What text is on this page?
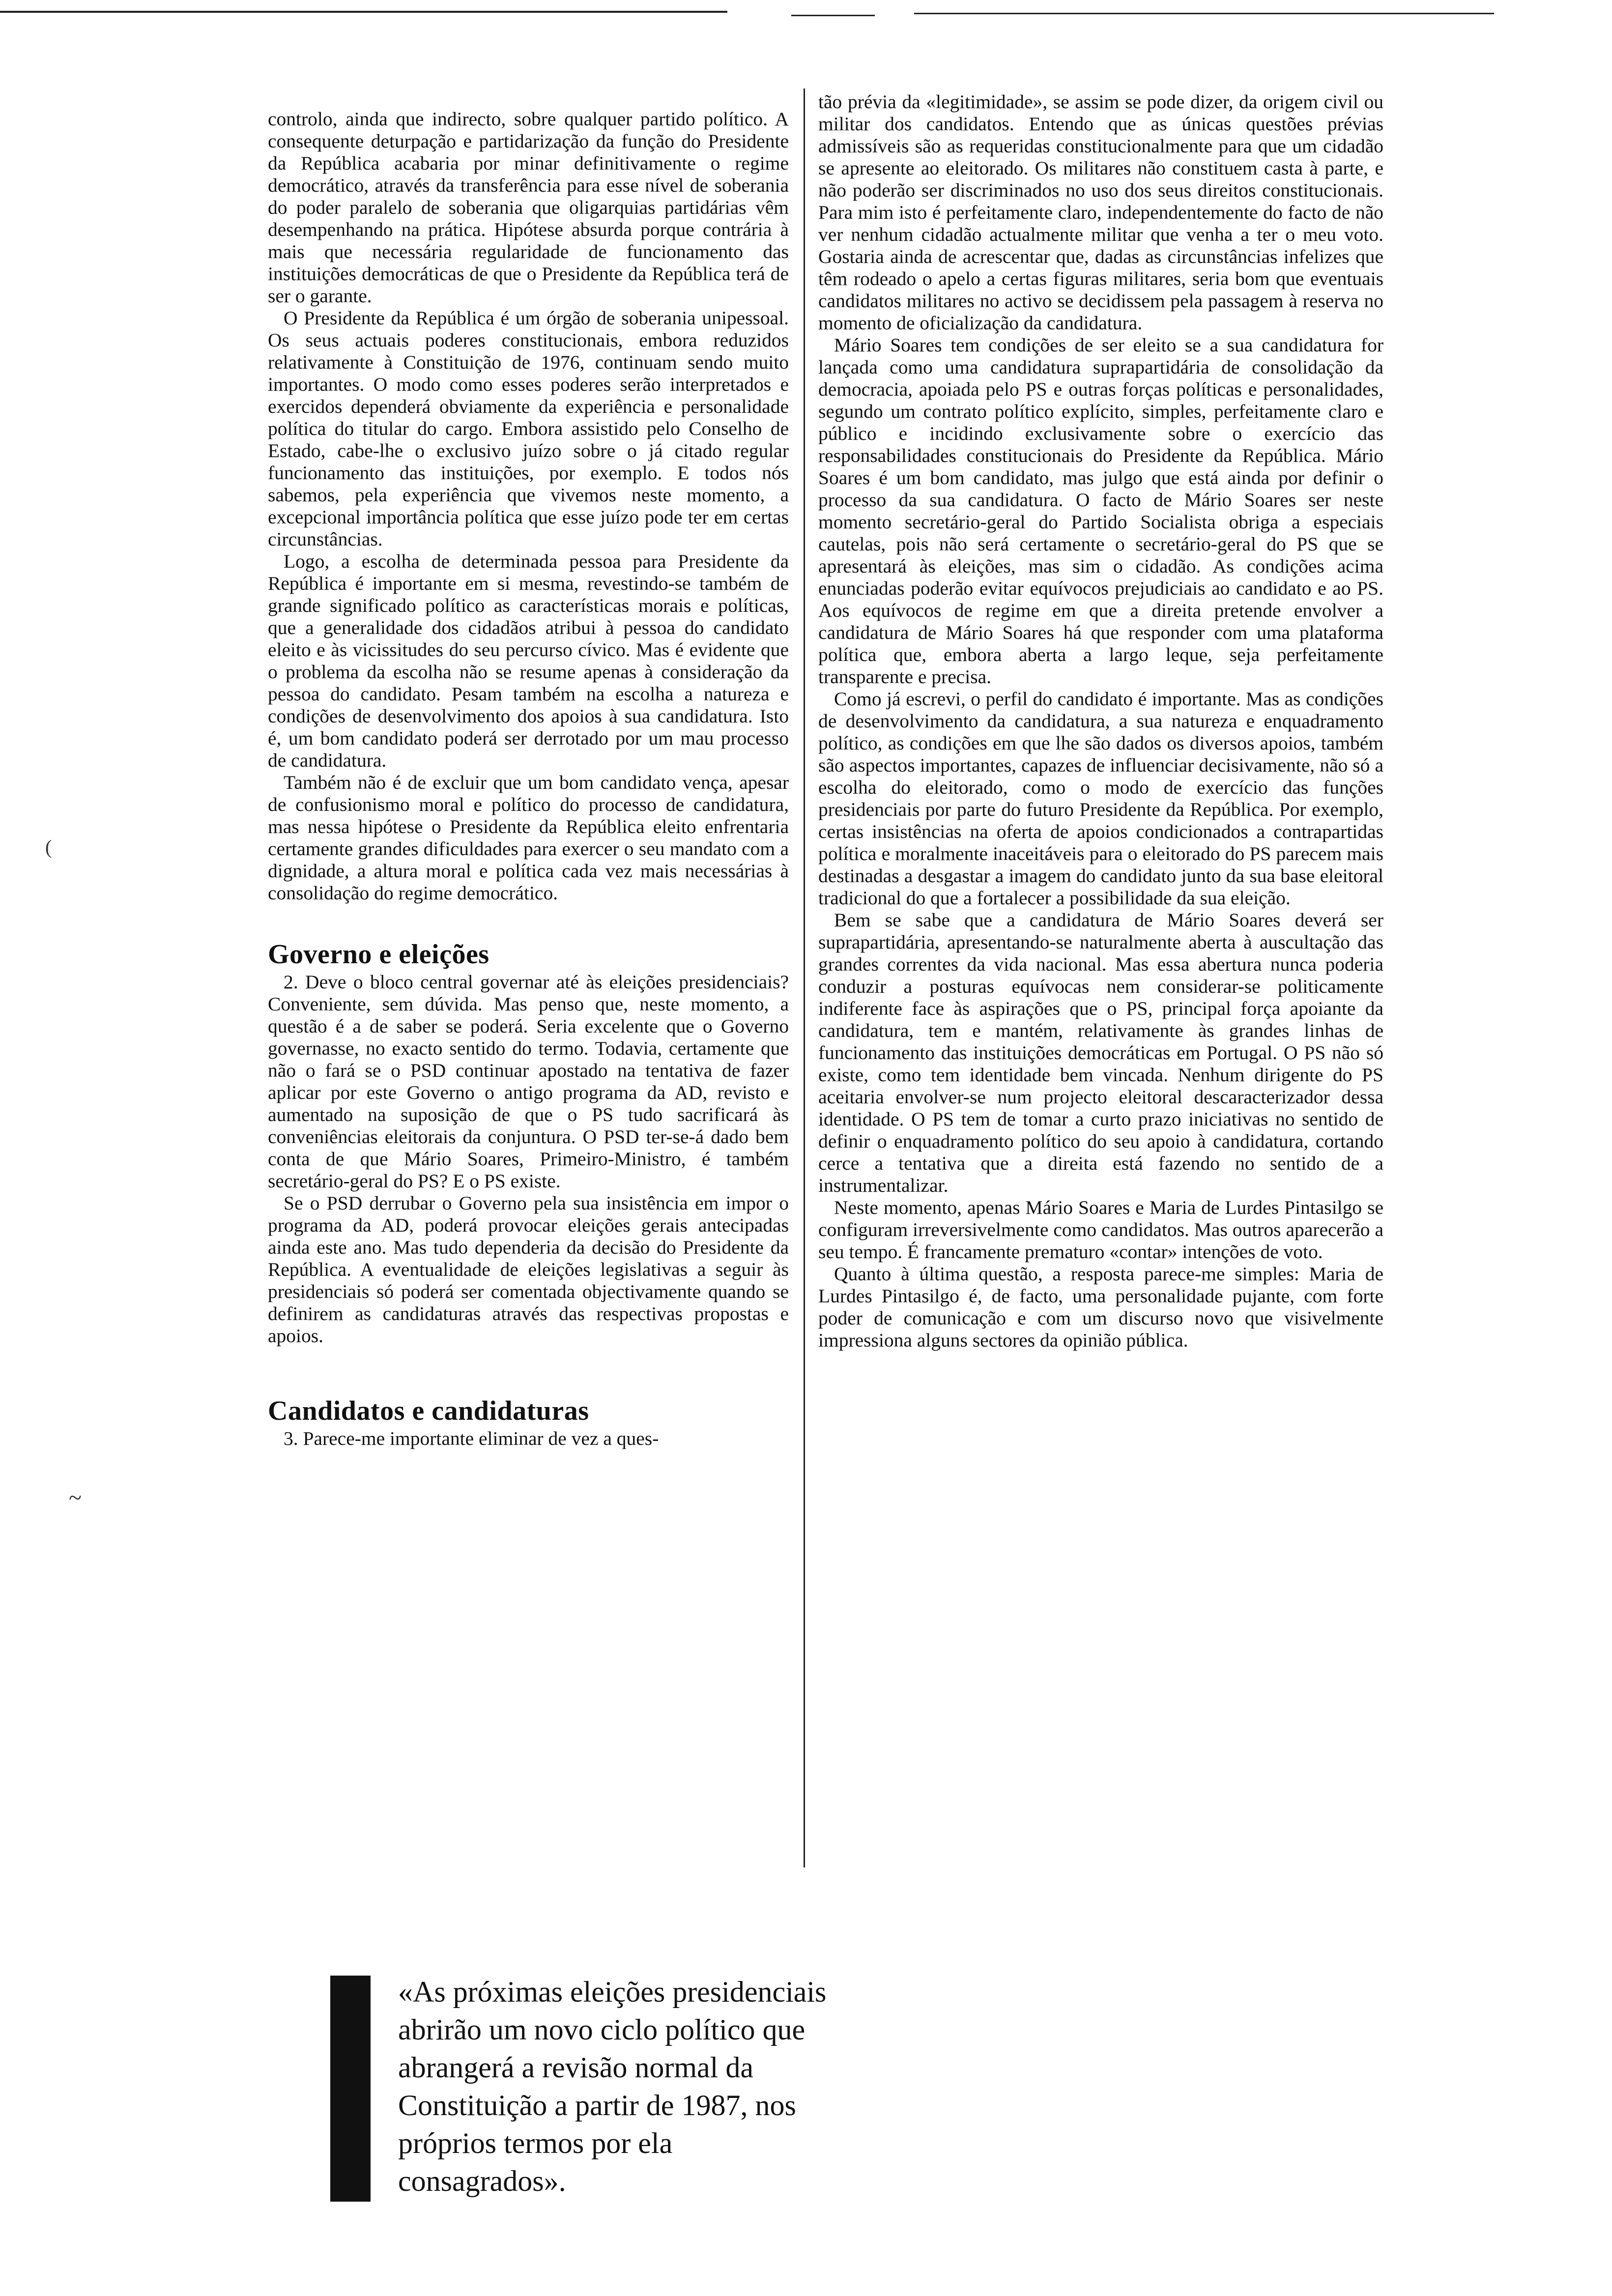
controlo, ainda que indirecto, sobre qualquer partido político. A consequente deturpação e partidarização da função do Presidente da República acabaria por minar definitivamente o regime democrático, através da transferência para esse nível de soberania do poder paralelo de soberania que oligarquias partidárias vêm desempenhando na prática. Hipótese absurda porque contrária à mais que necessária regularidade de funcionamento das instituições democráticas de que o Presidente da República terá de ser o garante.

O Presidente da República é um órgão de soberania unipessoal. Os seus actuais poderes constitucionais, embora reduzidos relativamente à Constituição de 1976, continuam sendo muito importantes. O modo como esses poderes serão interpretados e exercidos dependerá obviamente da experiência e personalidade política do titular do cargo. Embora assistido pelo Conselho de Estado, cabe-lhe o exclusivo juízo sobre o já citado regular funcionamento das instituições, por exemplo. E todos nós sabemos, pela experiência que vivemos neste momento, a excepcional importância política que esse juízo pode ter em certas circunstâncias.

Logo, a escolha de determinada pessoa para Presidente da República é importante em si mesma, revestindo-se também de grande significado político as características morais e políticas, que a generalidade dos cidadãos atribui à pessoa do candidato eleito e às vicissitudes do seu percurso cívico. Mas é evidente que o problema da escolha não se resume apenas à consideração da pessoa do candidato. Pesam também na escolha a natureza e condições de desenvolvimento dos apoios à sua candidatura. Isto é, um bom candidato poderá ser derrotado por um mau processo de candidatura.

Também não é de excluir que um bom candidato vença, apesar de confusionismo moral e político do processo de candidatura, mas nessa hipótese o Presidente da República eleito enfrentaria certamente grandes dificuldades para exercer o seu mandato com a dignidade, a altura moral e política cada vez mais necessárias à consolidação do regime democrático.

Governo e eleições

2. Deve o bloco central governar até às eleições presidenciais? Conveniente, sem dúvida. Mas penso que, neste momento, a questão é a de saber se poderá. Seria excelente que o Governo governasse, no exacto sentido do termo. Todavia, certamente que não o fará se o PSD continuar apostado na tentativa de fazer aplicar por este Governo o antigo programa da AD, revisto e aumentado na suposição de que o PS tudo sacrificará às conveniências eleitorais da conjuntura. O PSD ter-se-á dado bem conta de que Mário Soares, Primeiro-Ministro, é também secretário-geral do PS? E o PS existe.

Se o PSD derrubar o Governo pela sua insistência em impor o programa da AD, poderá provocar eleições gerais antecipadas ainda este ano. Mas tudo dependeria da decisão do Presidente da República. A eventualidade de eleições legislativas a seguir às presidenciais só poderá ser comentada objectivamente quando se definirem as candidaturas através das respectivas propostas e apoios.

Candidatos e candidaturas

3. Parece-me importante eliminar de vez a ques-

tão prévia da «legitimidade», se assim se pode dizer, da origem civil ou militar dos candidatos. Entendo que as únicas questões prévias admissíveis são as requeridas constitucionalmente para que um cidadão se apresente ao eleitorado. Os militares não constituem casta à parte, e não poderão ser discriminados no uso dos seus direitos constitucionais. Para mim isto é perfeitamente claro, independentemente do facto de não ver nenhum cidadão actualmente militar que venha a ter o meu voto. Gostaria ainda de acrescentar que, dadas as circunstâncias infelizes que têm rodeado o apelo a certas figuras militares, seria bom que eventuais candidatos militares no activo se decidissem pela passagem à reserva no momento de oficialização da candidatura.

Mário Soares tem condições de ser eleito se a sua candidatura for lançada como uma candidatura suprapartidária de consolidação da democracia, apoiada pelo PS e outras forças políticas e personalidades, segundo um contrato político explícito, simples, perfeitamente claro e público e incidindo exclusivamente sobre o exercício das responsabilidades constitucionais do Presidente da República. Mário Soares é um bom candidato, mas julgo que está ainda por definir o processo da sua candidatura. O facto de Mário Soares ser neste momento secretário-geral do Partido Socialista obriga a especiais cautelas, pois não será certamente o secretário-geral do PS que se apresentará às eleições, mas sim o cidadão. As condições acima enunciadas poderão evitar equívocos prejudiciais ao candidato e ao PS. Aos equívocos de regime em que a direita pretende envolver a candidatura de Mário Soares há que responder com uma plataforma política que, embora aberta a largo leque, seja perfeitamente transparente e precisa.

Como já escrevi, o perfil do candidato é importante. Mas as condições de desenvolvimento da candidatura, a sua natureza e enquadramento político, as condições em que lhe são dados os diversos apoios, também são aspectos importantes, capazes de influenciar decisivamente, não só a escolha do eleitorado, como o modo de exercício das funções presidenciais por parte do futuro Presidente da República. Por exemplo, certas insistências na oferta de apoios condicionados a contrapartidas política e moralmente inaceitáveis para o eleitorado do PS parecem mais destinadas a desgastar a imagem do candidato junto da sua base eleitoral tradicional do que a fortalecer a possibilidade da sua eleição.

Bem se sabe que a candidatura de Mário Soares deverá ser suprapartidária, apresentando-se naturalmente aberta à auscultação das grandes correntes da vida nacional. Mas essa abertura nunca poderia conduzir a posturas equívocas nem considerar-se politicamente indiferente face às aspirações que o PS, principal força apoiante da candidatura, tem e mantém, relativamente às grandes linhas de funcionamento das instituições democráticas em Portugal. O PS não só existe, como tem identidade bem vincada. Nenhum dirigente do PS aceitaria envolver-se num projecto eleitoral descaracterizador dessa identidade. O PS tem de tomar a curto prazo iniciativas no sentido de definir o enquadramento político do seu apoio à candidatura, cortando cerce a tentativa que a direita está fazendo no sentido de a instrumentalizar.

Neste momento, apenas Mário Soares e Maria de Lurdes Pintasilgo se configuram irreversivelmente como candidatos. Mas outros aparecerão a seu tempo. É francamente prematuro «contar» intenções de voto.

Quanto à última questão, a resposta parece-me simples: Maria de Lurdes Pintasilgo é, de facto, uma personalidade pujante, com forte poder de comunicação e com um discurso novo que visivelmente impressiona alguns sectores da opinião pública.

«As próximas eleições presidenciais abrirão um novo ciclo político que abrangerá a revisão normal da Constituição a partir de 1987, nos próprios termos por ela consagrados».
(
~
